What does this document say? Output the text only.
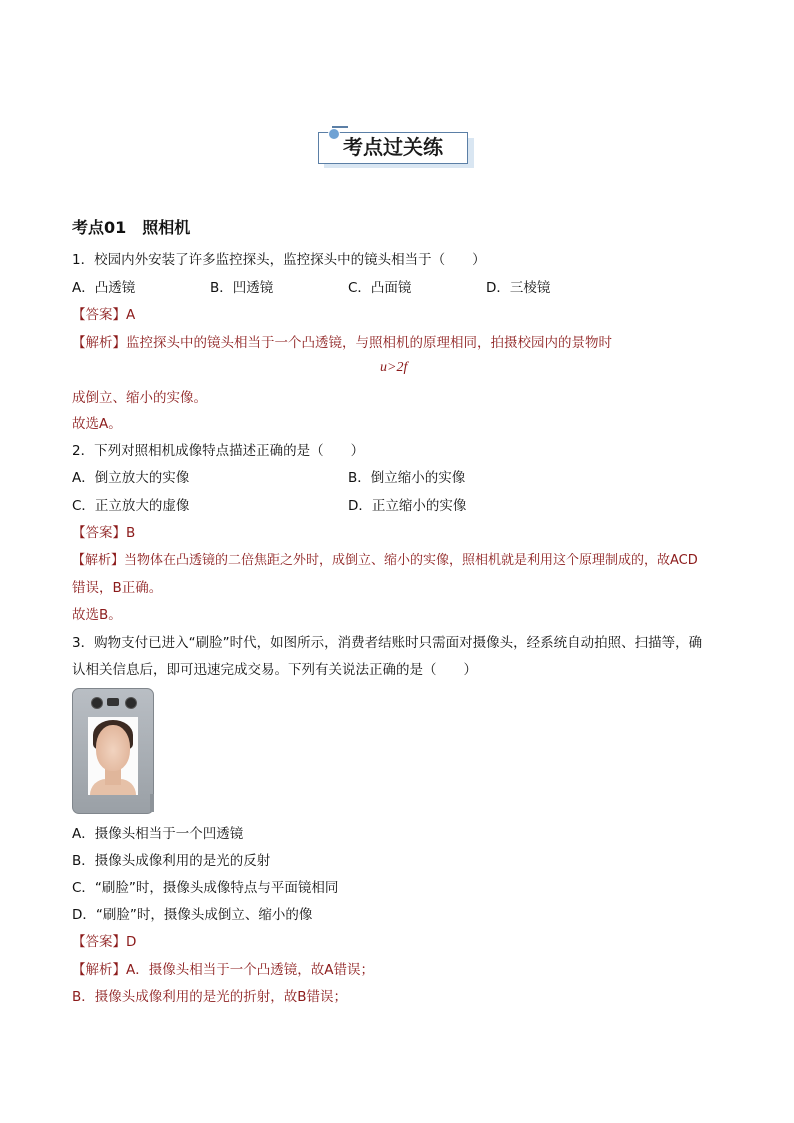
考点过关练
考点01　照相机
1．校园内外安装了许多监控探头，监控探头中的镜头相当于（　　）
A．凸透镜	B．凹透镜	C．凸面镜	D．三棱镜
【答案】A
【解析】监控探头中的镜头相当于一个凸透镜，与照相机的原理相同，拍摄校园内的景物时
u>2f
成倒立、缩小的实像。
故选A。
2．下列对照相机成像特点描述正确的是（　　）
A．倒立放大的实像	B．倒立缩小的实像
C．正立放大的虚像	D．正立缩小的实像
【答案】B
【解析】当物体在凸透镜的二倍焦距之外时，成倒立、缩小的实像，照相机就是利用这个原理制成的，故ACD
错误，B正确。
故选B。
3．购物支付已进入“刷脸”时代，如图所示，消费者结账时只需面对摄像头，经系统自动拍照、扫描等，确
认相关信息后，即可迅速完成交易。下列有关说法正确的是（　　）
A．摄像头相当于一个凹透镜
B．摄像头成像利用的是光的反射
C．“刷脸”时，摄像头成像特点与平面镜相同
D．“刷脸”时，摄像头成倒立、缩小的像
【答案】D
【解析】A．摄像头相当于一个凸透镜，故A错误；
B．摄像头成像利用的是光的折射，故B错误；
